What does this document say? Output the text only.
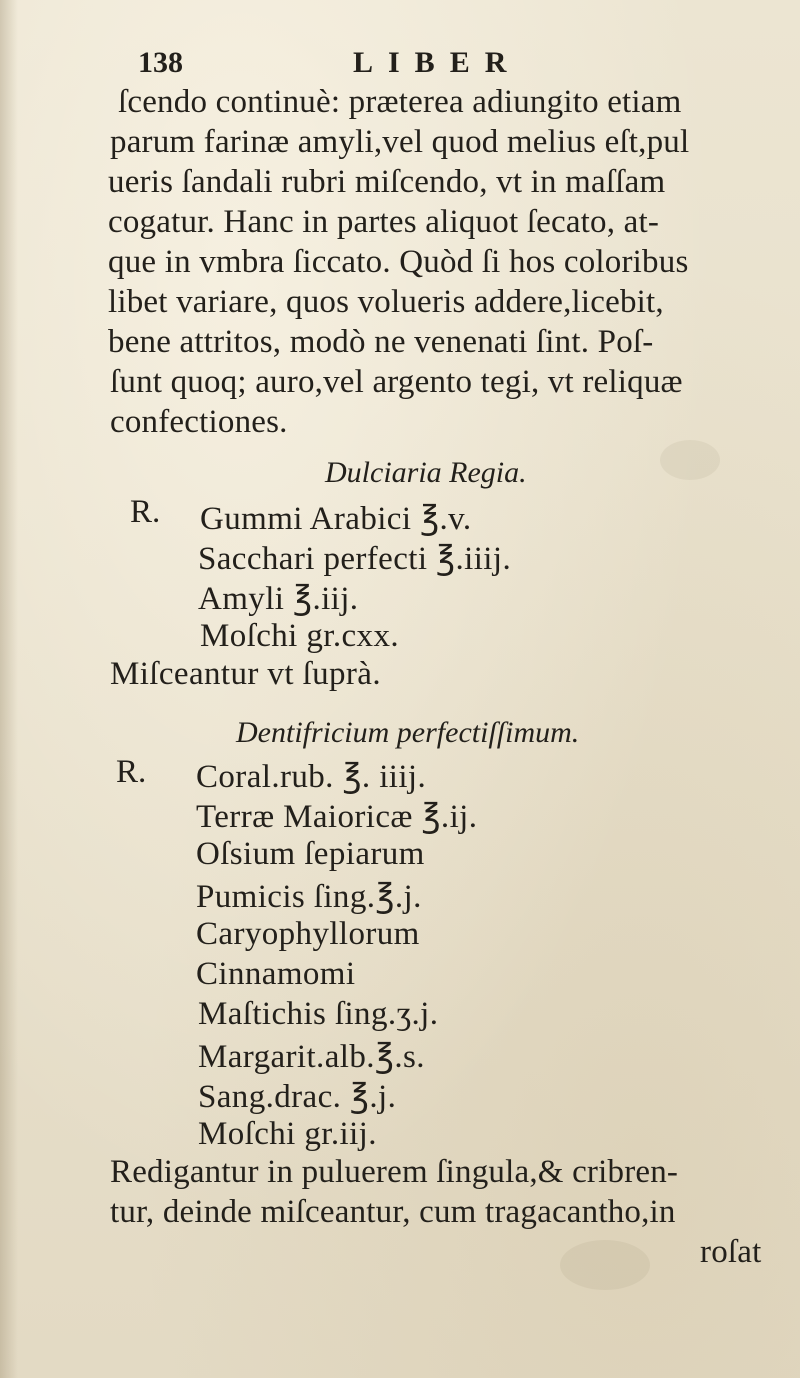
138	LIBER
ſcendo continuè: præterea adiungito etiam
parum farinæ amyli,vel quod melius eſt,pul
ueris ſandali rubri miſcendo, vt in maſſam
cogatur. Hanc in partes aliquot ſecato, at-
que in vmbra ſiccato. Quòd ſi hos coloribus
libet variare, quos volueris addere,licebit,
bene attritos, modò ne venenati ſint. Poſ-
ſunt quoq; auro,vel argento tegi, vt reliquæ
confectiones.
Dulciaria Regia.
R. Gummi Arabici ℥.v.
Sacchari perfecti ℥.iiij.
Amyli ℥.iij.
Moſchi gr.cxx.
Miſceantur vt ſuprà.
Dentifricium perfectiſſimum.
R. Coral.rub. ℥. iiij.
Terræ Maioricæ ℥.ij.
Oſsium ſepiarum
Pumicis ſing.℥.j.
Caryophyllorum
Cinnamomi
Maſtichis ſing.ʒ.j.
Margarit.alb.℥.s.
Sang.drac. ℥.j.
Moſchi gr.iij.
Redigantur in puluerem ſingula,& cribren-
tur, deinde miſceantur, cum tragacantho,in
roſat
